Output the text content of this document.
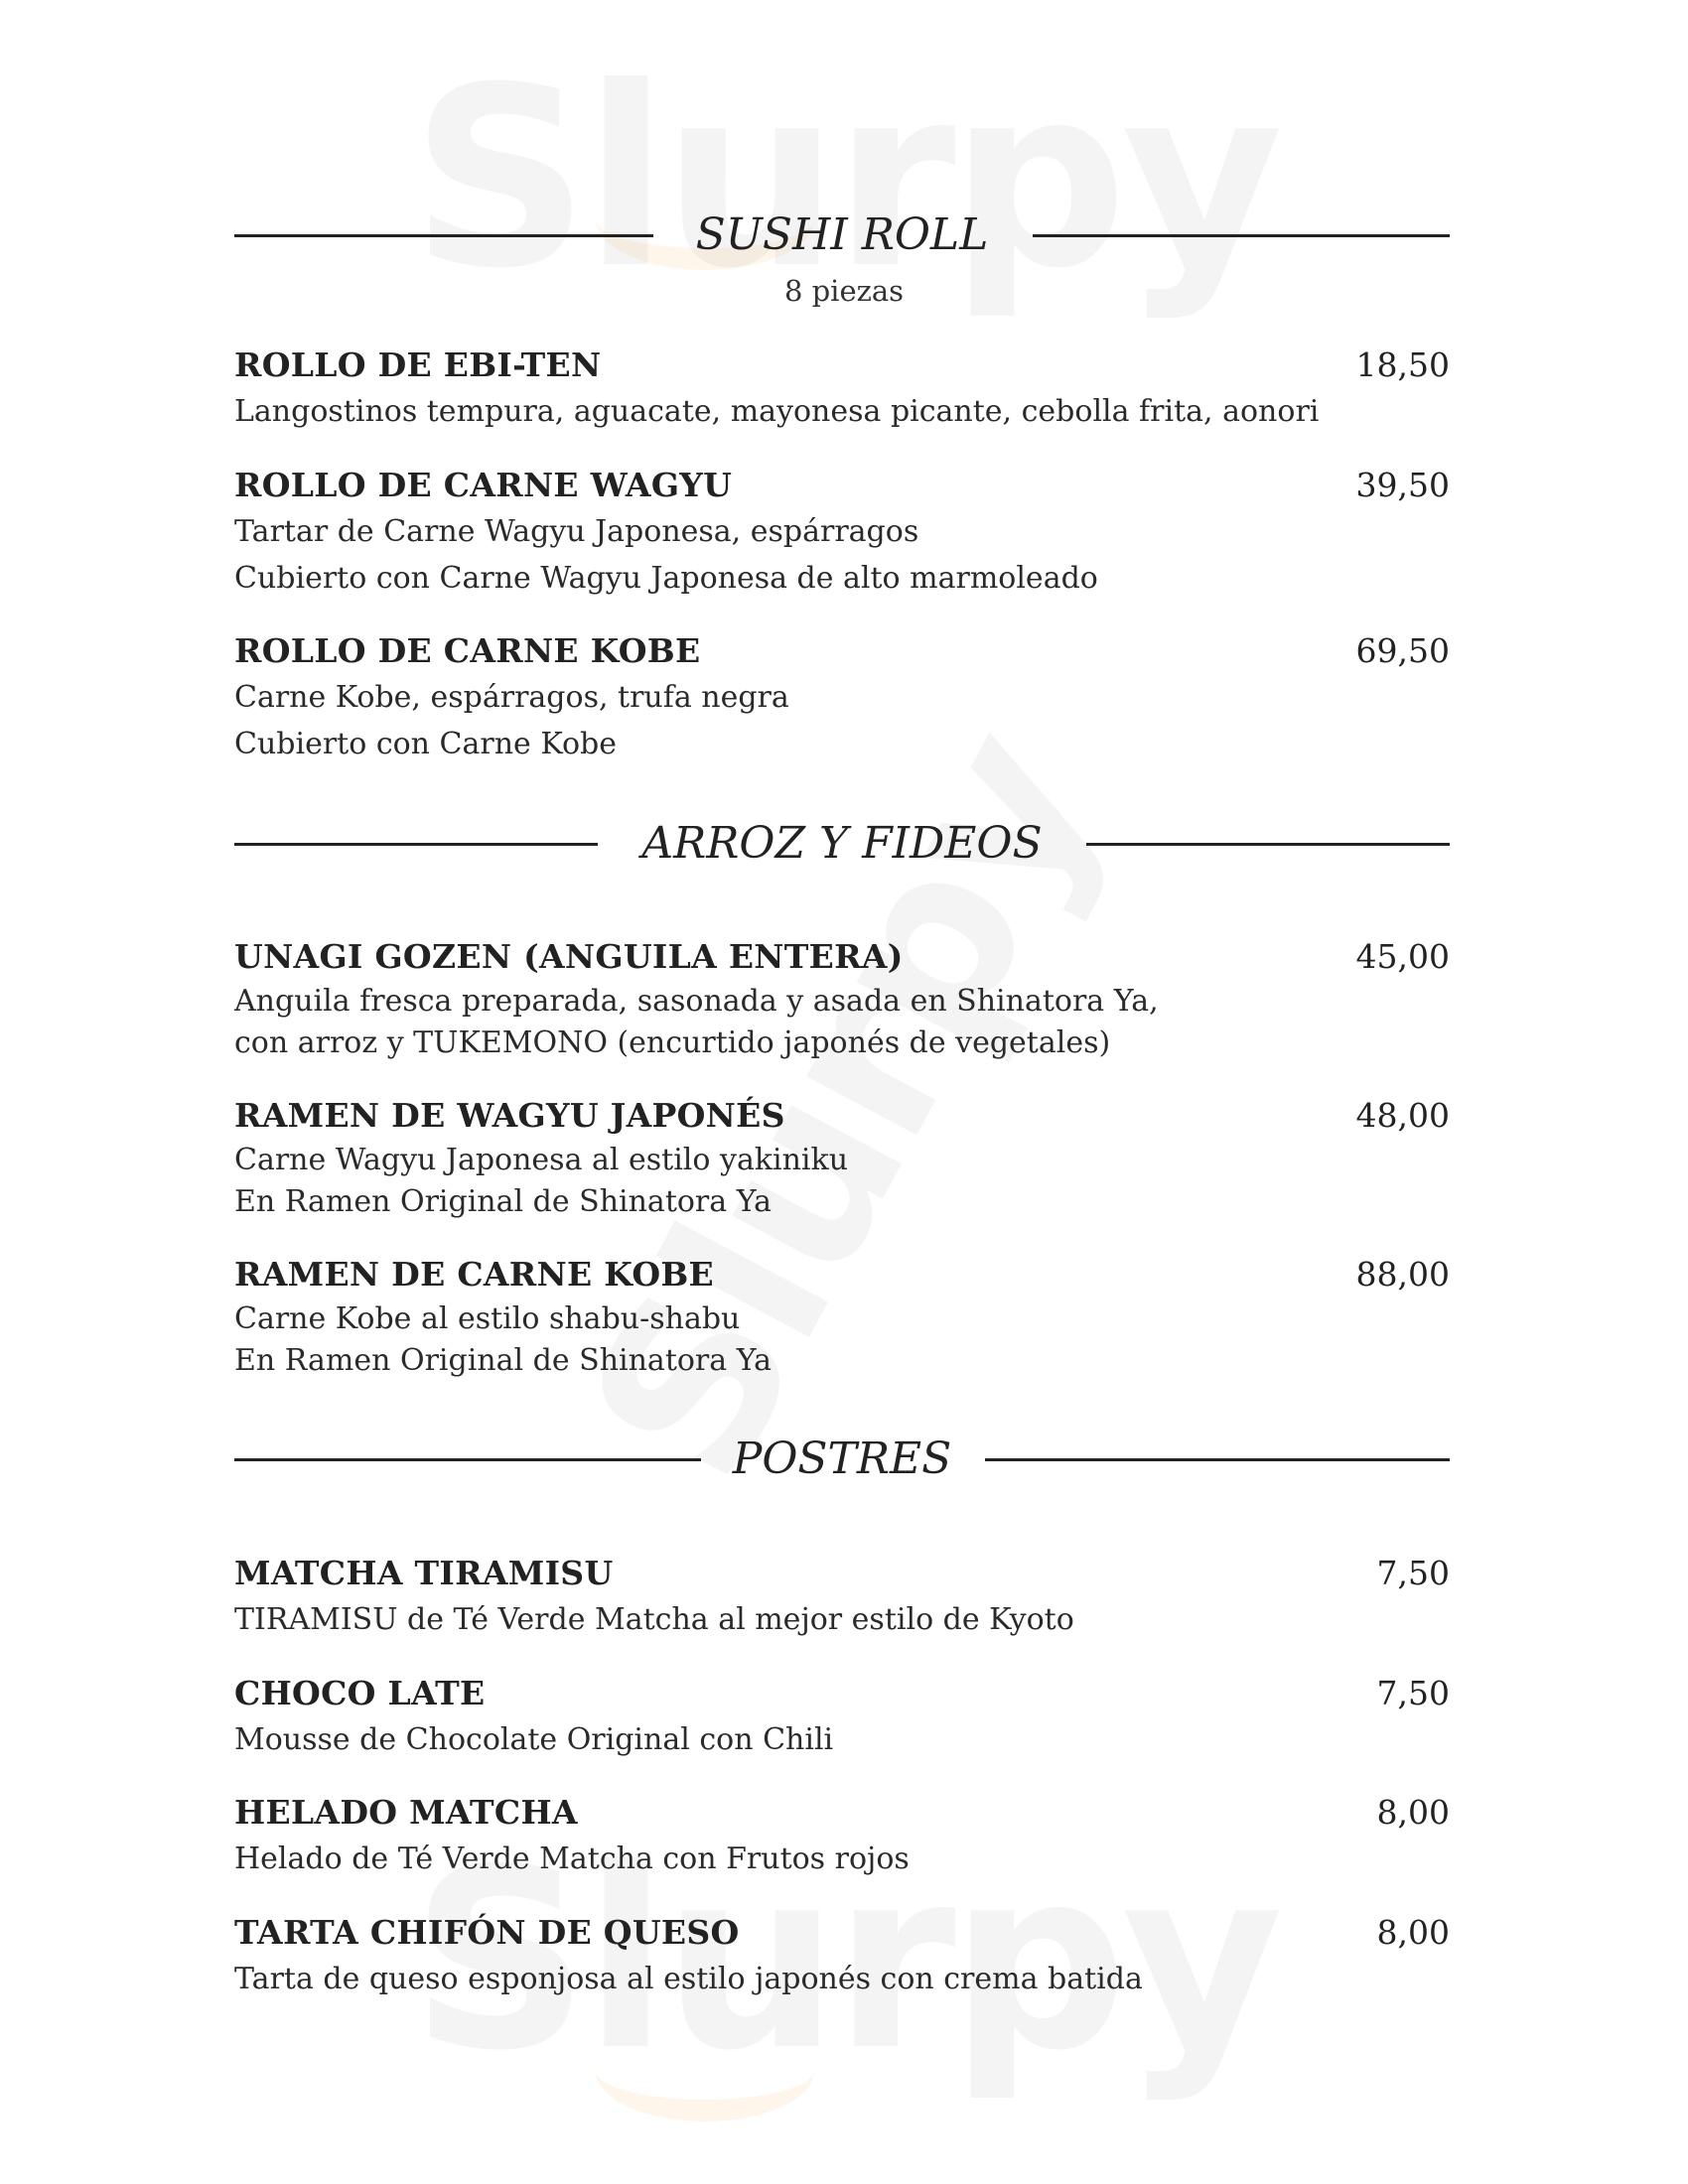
SUSHI ROLL
8 piezas
ROLLO DE EBI-TEN	18,50
Langostinos tempura, aguacate, mayonesa picante, cebolla frita, aonori
ROLLO DE CARNE WAGYU	39,50
Tartar de Carne Wagyu Japonesa, espárragos
Cubierto con Carne Wagyu Japonesa de alto marmoleado
ROLLO DE CARNE KOBE	69,50
Carne Kobe, espárragos, trufa negra
Cubierto con Carne Kobe
ARROZ Y FIDEOS
UNAGI GOZEN (ANGUILA ENTERA)	45,00
Anguila fresca preparada, sasonada y asada en Shinatora Ya,
con arroz y TUKEMONO (encurtido japonés de vegetales)
RAMEN DE WAGYU JAPONÉS	48,00
Carne Wagyu Japonesa al estilo yakiniku
En Ramen Original de Shinatora Ya
RAMEN DE CARNE KOBE	88,00
Carne Kobe al estilo shabu-shabu
En Ramen Original de Shinatora Ya
POSTRES
MATCHA TIRAMISU	7,50
TIRAMISU de Té Verde Matcha al mejor estilo de Kyoto
CHOCO LATE	7,50
Mousse de Chocolate Original con Chili
HELADO MATCHA	8,00
Helado de Té Verde Matcha con Frutos rojos
TARTA CHIFÓN DE QUESO	8,00
Tarta de queso esponjosa al estilo japonés con crema batida
